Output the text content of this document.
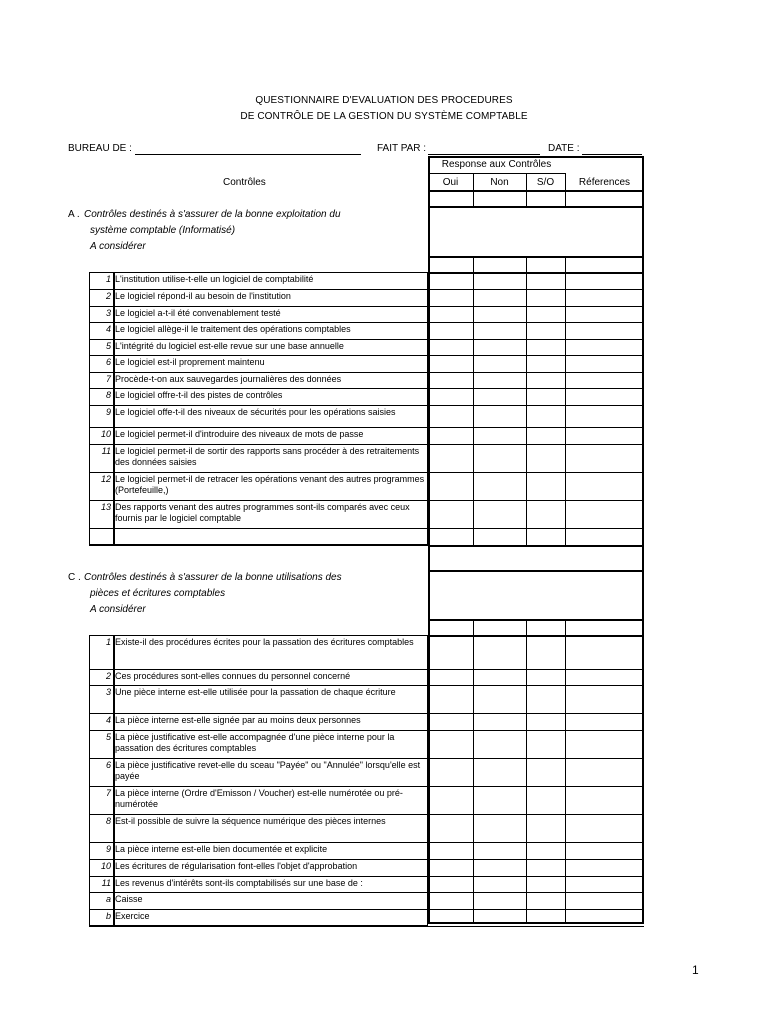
QUESTIONNAIRE D'EVALUATION DES PROCEDURES
DE CONTRÔLE DE LA GESTION DU SYSTÈME COMPTABLE
BUREAU DE :	FAIT PAR :	DATE :
Contrôles
Response aux Contrôles
Oui	Non	S/O	Réferences
A . Contrôles destinés à s'assurer de la bonne exploitation du
système comptable (Informatisé)
A considérer
1 L'institution utilise-t-elle un logiciel de comptabilité
2 Le logiciel répond-il au besoin de l'institution
3 Le logiciel a-t-il été convenablement testé
4 Le logiciel allège-il le traitement des opérations comptables
5 L'intégrité du logiciel est-elle revue sur une base annuelle
6 Le logiciel est-il proprement maintenu
7 Procède-t-on aux sauvegardes journalières des données
8 Le logiciel offre-t-il des pistes de contrôles
9 Le logiciel offe-t-il des niveaux de sécurités pour les opérations saisies
10 Le logiciel permet-il d'introduire des niveaux de mots de passe
11 Le logiciel permet-il de sortir des rapports sans procéder à des retraitements des données saisies
12 Le logiciel permet-il de retracer les opérations venant des autres programmes (Portefeuille,)
13 Des rapports venant des autres programmes sont-ils comparés avec ceux fournis par le logiciel comptable
C . Contrôles destinés à s'assurer de la bonne utilisations des
pièces et écritures comptables
A considérer
1 Existe-il des procédures écrites pour la passation des écritures comptables
2 Ces procédures sont-elles connues du personnel concerné
3 Une pièce interne est-elle utilisée pour la passation de chaque écriture
4 La pièce interne est-elle signée par au moins deux personnes
5 La pièce justificative est-elle accompagnée d'une pièce interne pour la passation des écritures comptables
6 La pièce justificative revet-elle du sceau "Payée" ou "Annulée" lorsqu'elle est payée
7 La pièce interne (Ordre d'Emisson / Voucher) est-elle numérotée ou pré-numérotée
8 Est-il possible de suivre la séquence numérique des pièces internes
9 La pièce interne est-elle bien documentée et explicite
10 Les écritures de régularisation font-elles l'objet d'approbation
11 Les revenus d'intérêts sont-ils comptabilisés sur une base de :
a Caisse
b Exercice
1
